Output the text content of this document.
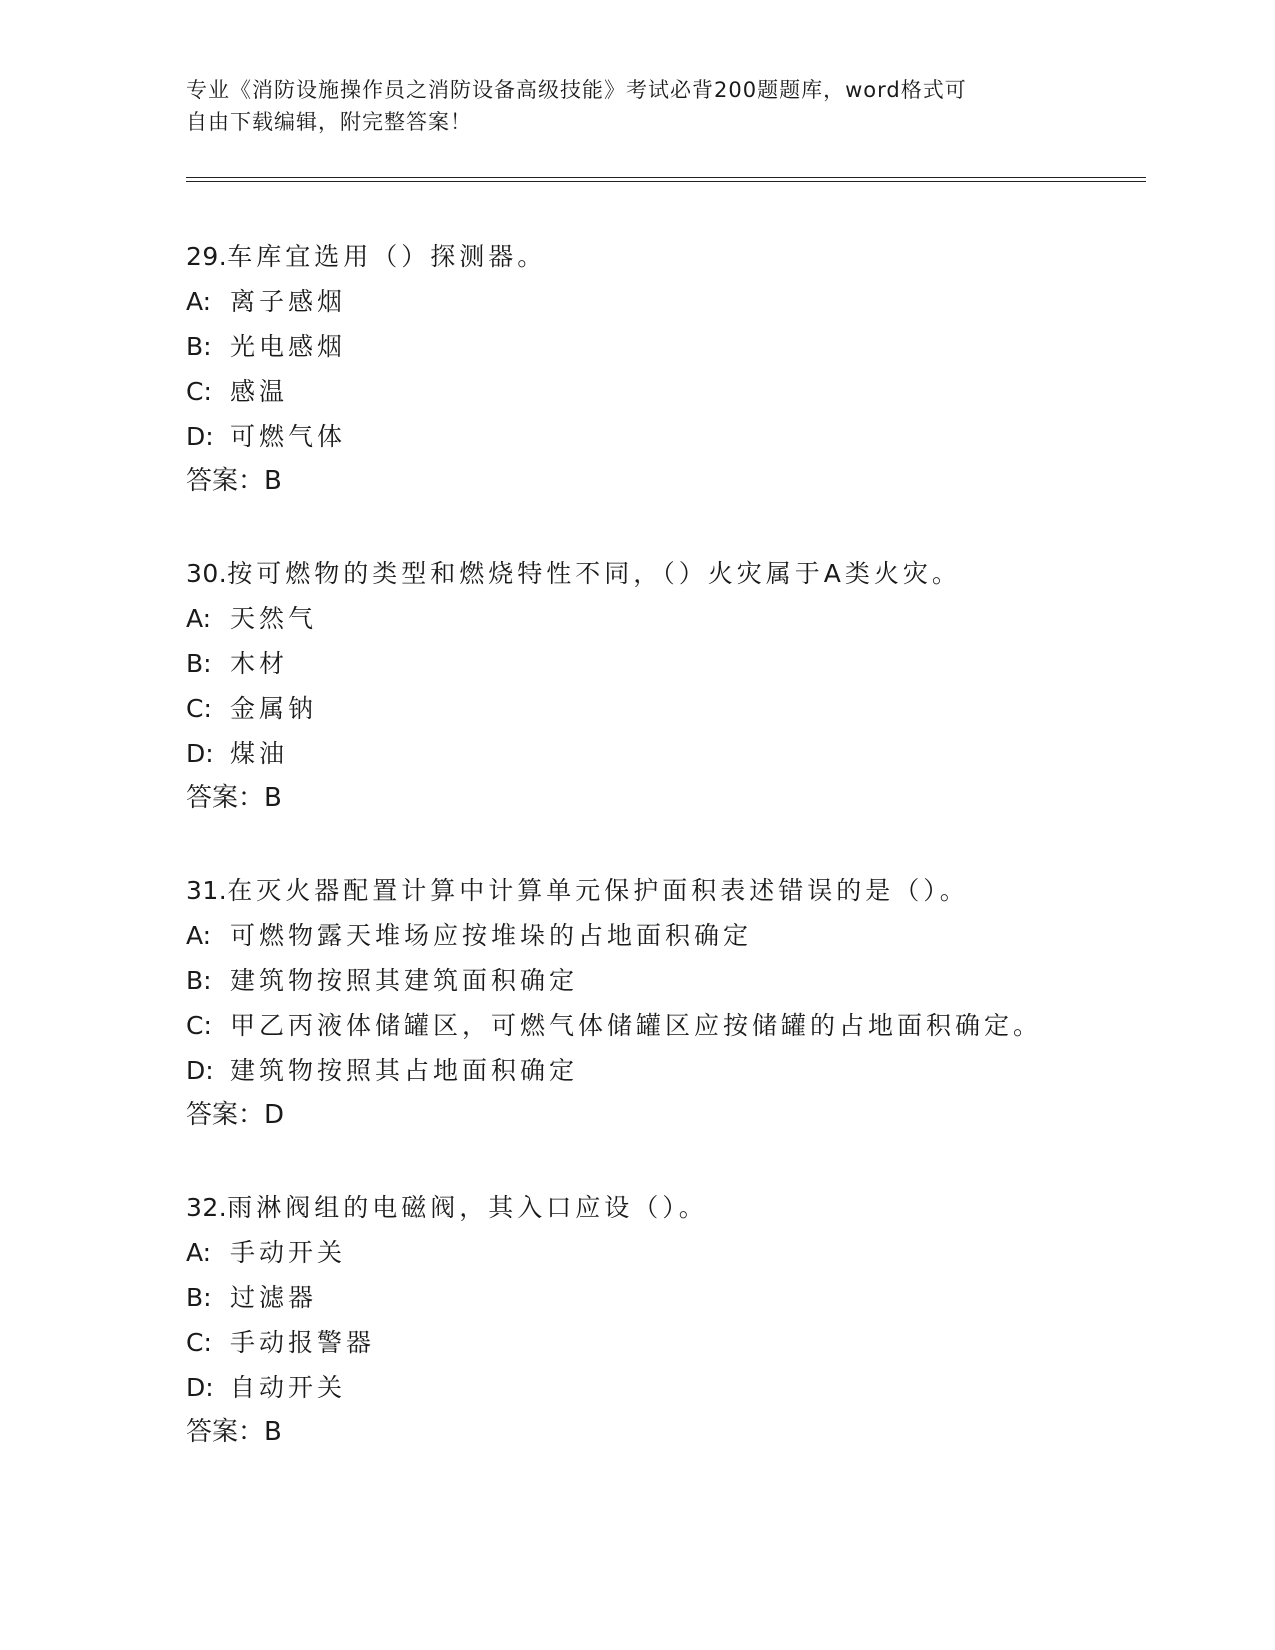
专业《消防设施操作员之消防设备高级技能》考试必背200题题库，word格式可
自由下载编辑，附完整答案！
29.车库宜选用（）探测器。
A: 离子感烟
B: 光电感烟
C: 感温
D: 可燃气体
答案：B
30.按可燃物的类型和燃烧特性不同，（）火灾属于A类火灾。
A: 天然气
B: 木材
C: 金属钠
D: 煤油
答案：B
31.在灭火器配置计算中计算单元保护面积表述错误的是（）。
A: 可燃物露天堆场应按堆垛的占地面积确定
B: 建筑物按照其建筑面积确定
C: 甲乙丙液体储罐区，可燃气体储罐区应按储罐的占地面积确定。
D: 建筑物按照其占地面积确定
答案：D
32.雨淋阀组的电磁阀，其入口应设（）。
A: 手动开关
B: 过滤器
C: 手动报警器
D: 自动开关
答案：B
